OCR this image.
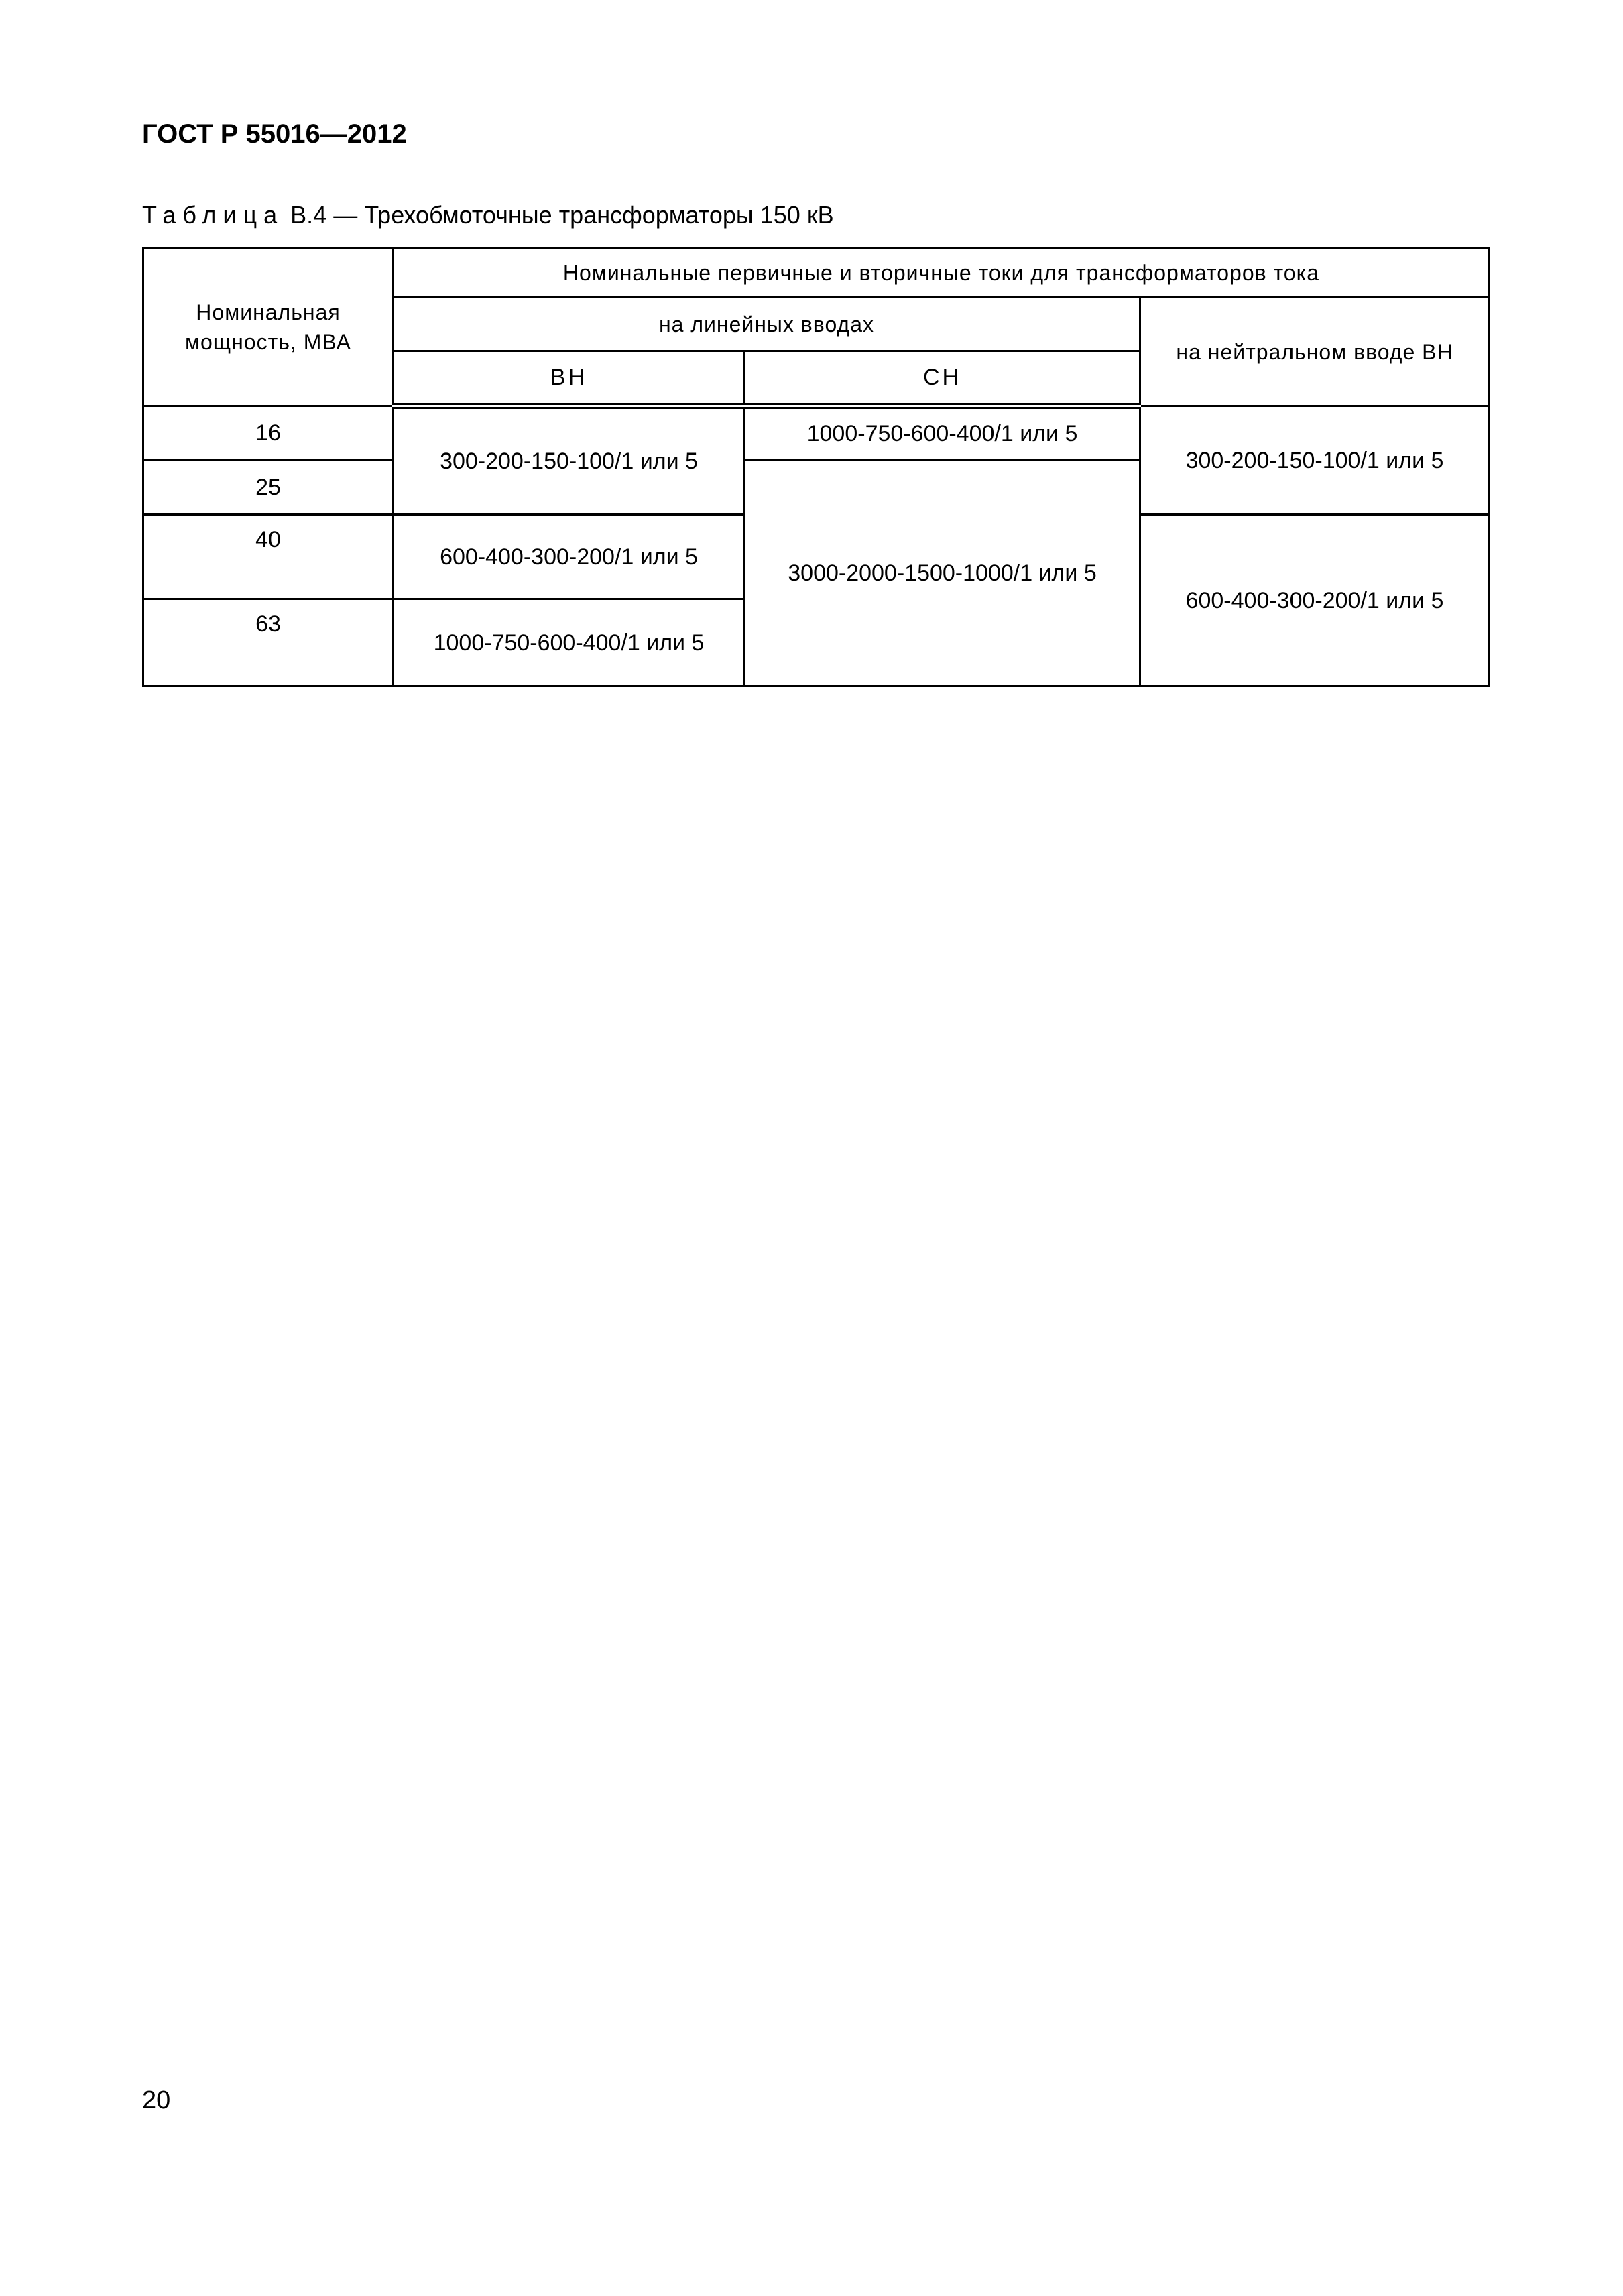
ГОСТ Р 55016—2012
Таблица В.4 — Трехобмоточные трансформаторы 150 кВ
Номинальная мощность, МВА	Номинальные первичные и вторичные токи для трансформаторов тока		
	на линейных вводах		на нейтральном вводе ВН
	ВН	СН	
16	300-200-150-100/1 или 5	1000-750-600-400/1 или 5	300-200-150-100/1 или 5
25		3000-2000-1500-1000/1 или 5	
40	600-400-300-200/1 или 5		600-400-300-200/1 или 5
63	1000-750-600-400/1 или 5		
20
